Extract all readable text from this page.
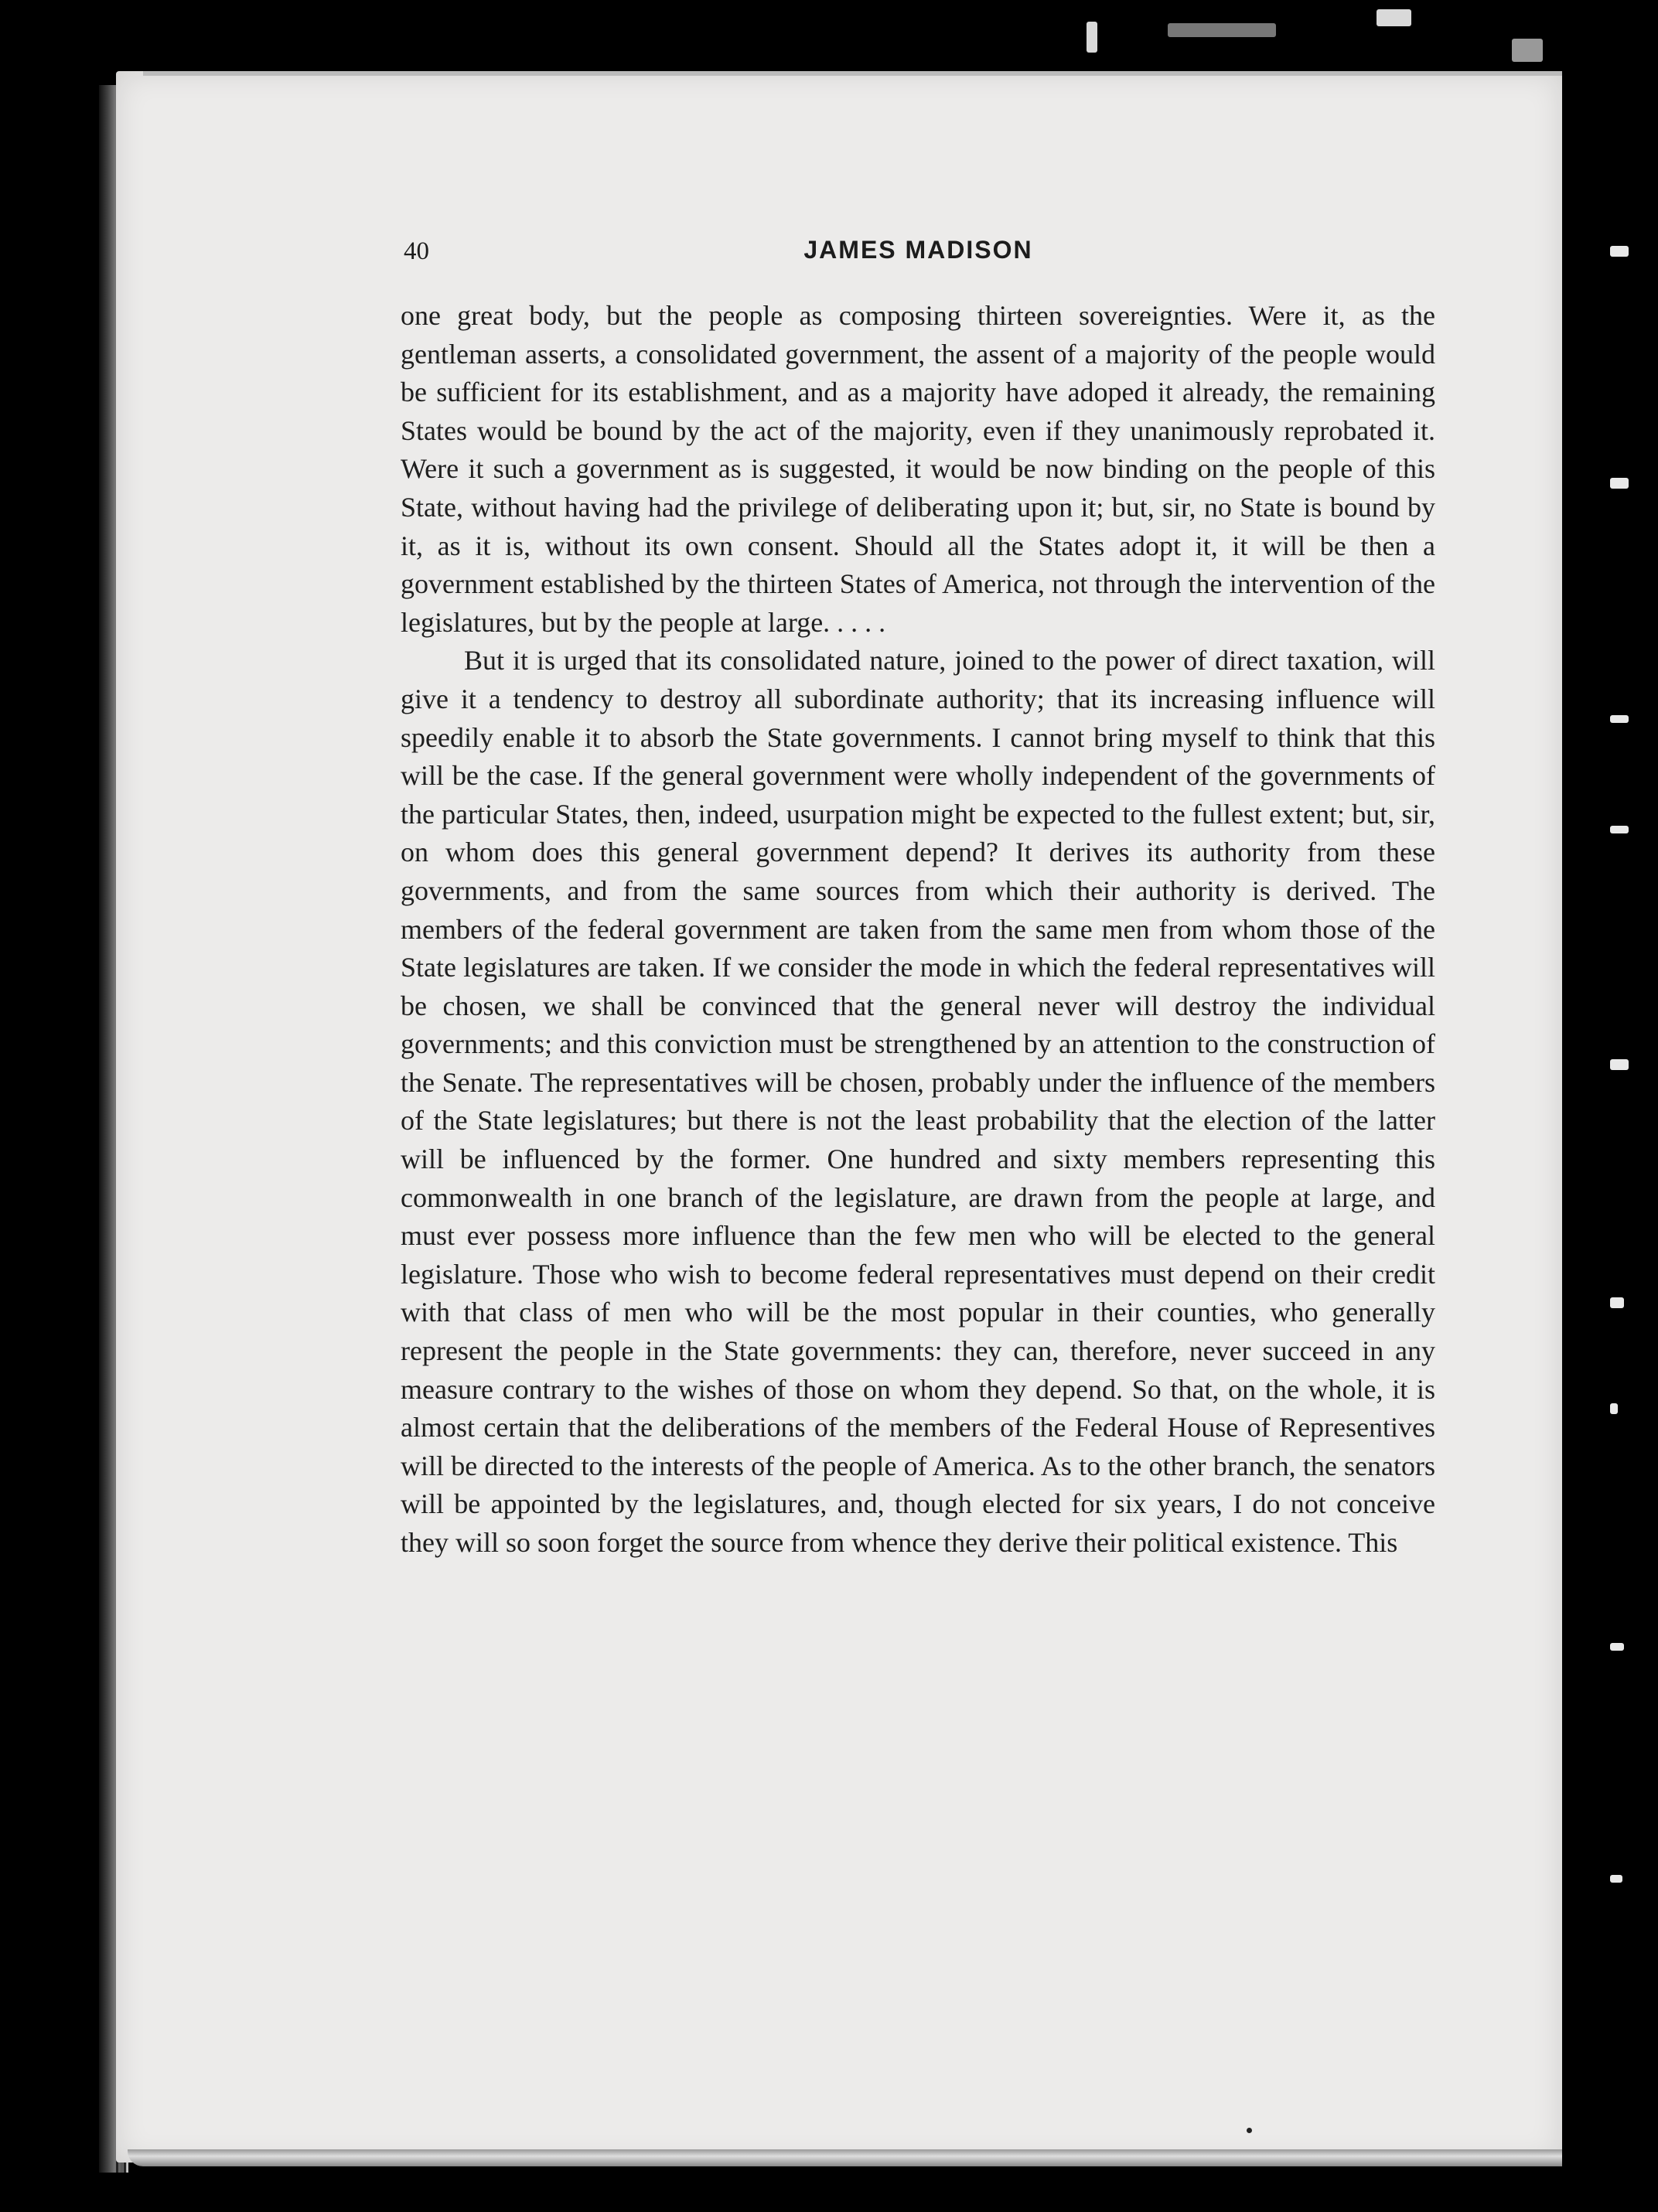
40	JAMES MADISON

one great body, but the people as composing thirteen sovereignties. Were it, as the gentleman asserts, a consolidated government, the assent of a majority of the people would be sufficient for its establishment, and as a majority have adoped it already, the remaining States would be bound by the act of the majority, even if they unanimously reprobated it. Were it such a government as is suggested, it would be now binding on the people of this State, without having had the privilege of deliberating upon it; but, sir, no State is bound by it, as it is, without its own consent. Should all the States adopt it, it will be then a government established by the thirteen States of America, not through the intervention of the legislatures, but by the people at large. . . . .

But it is urged that its consolidated nature, joined to the power of direct taxation, will give it a tendency to destroy all subordinate authority; that its increasing influence will speedily enable it to absorb the State governments. I cannot bring myself to think that this will be the case. If the general government were wholly independent of the governments of the particular States, then, indeed, usurpation might be expected to the fullest extent; but, sir, on whom does this general government depend? It derives its authority from these governments, and from the same sources from which their authority is derived. The members of the federal government are taken from the same men from whom those of the State legislatures are taken. If we consider the mode in which the federal representatives will be chosen, we shall be convinced that the general never will destroy the individual governments; and this conviction must be strengthened by an attention to the construction of the Senate. The representatives will be chosen, probably under the influence of the members of the State legislatures; but there is not the least probability that the election of the latter will be influenced by the former. One hundred and sixty members representing this commonwealth in one branch of the legislature, are drawn from the people at large, and must ever possess more influence than the few men who will be elected to the general legislature. Those who wish to become federal representatives must depend on their credit with that class of men who will be the most popular in their counties, who generally represent the people in the State governments: they can, therefore, never succeed in any measure contrary to the wishes of those on whom they depend. So that, on the whole, it is almost certain that the deliberations of the members of the Federal House of Representives will be directed to the interests of the people of America. As to the other branch, the senators will be appointed by the legislatures, and, though elected for six years, I do not conceive they will so soon forget the source from whence they derive their political existence. This
